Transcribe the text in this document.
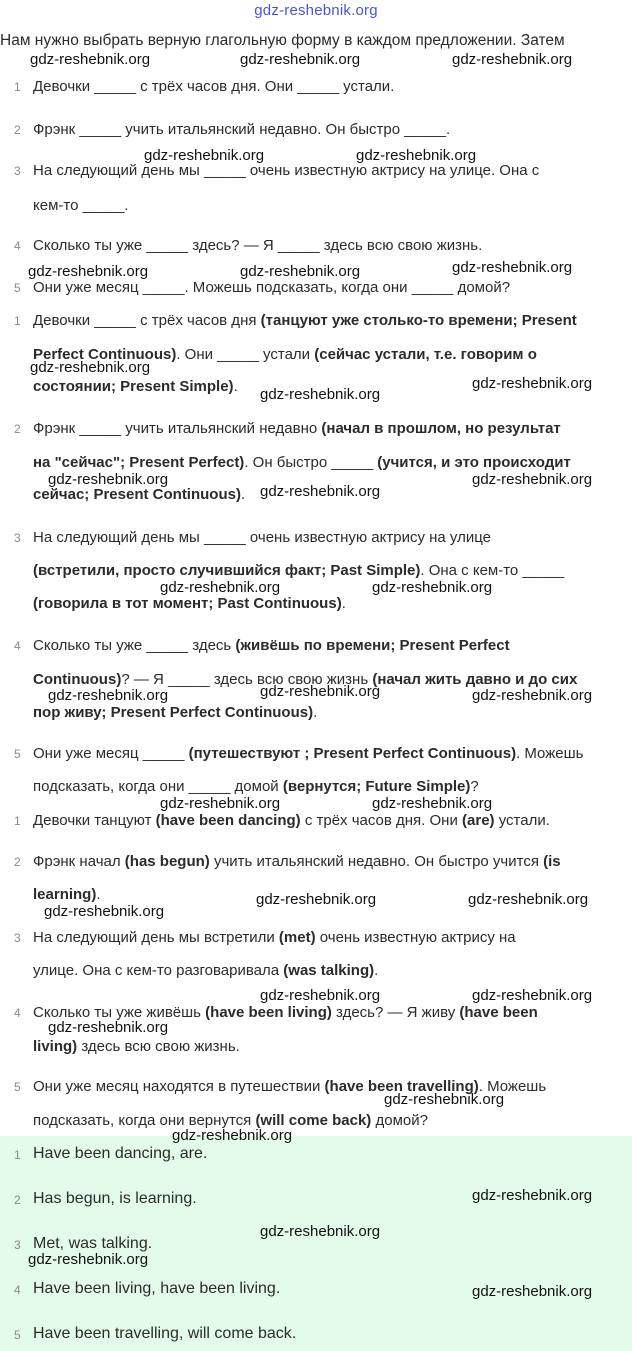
gdz-reshebnik.org
Нам нужно выбрать верную глагольную форму в каждом предложении. Затем
1 Девочки _____ с трёх часов дня. Они _____ устали.
2 Фрэнк _____ учить итальянский недавно. Он быстро _____.
3 На следующий день мы _____ очень известную актрису на улице. Она с
кем-то _____.
4 Сколько ты уже _____ здесь? — Я _____ здесь всю свою жизнь.
5 Они уже месяц _____. Можешь подсказать, когда они _____ домой?
1 Девочки _____ с трёх часов дня (танцуют уже столько-то времени; Present
Perfect Continuous). Они _____ устали (сейчас устали, т.е. говорим о
состоянии; Present Simple).
2 Фрэнк _____ учить итальянский недавно (начал в прошлом, но результат
на "сейчас"; Present Perfect). Он быстро _____ (учится, и это происходит
сейчас; Present Continuous).
3 На следующий день мы _____ очень известную актрису на улице
(встретили, просто случившийся факт; Past Simple). Она с кем-то _____
(говорила в тот момент; Past Continuous).
4 Сколько ты уже _____ здесь (живёшь по времени; Present Perfect
Continuous)? — Я _____ здесь всю свою жизнь (начал жить давно и до сих
пор живу; Present Perfect Continuous).
5 Они уже месяц _____ (путешествуют ; Present Perfect Continuous). Можешь
подсказать, когда они _____ домой (вернутся; Future Simple)?
1 Девочки танцуют (have been dancing) с трёх часов дня. Они (are) устали.
2 Фрэнк начал (has begun) учить итальянский недавно. Он быстро учится (is
learning).
3 На следующий день мы встретили (met) очень известную актрису на
улице. Она с кем-то разговаривала (was talking).
4 Сколько ты уже живёшь (have been living) здесь? — Я живу (have been
living) здесь всю свою жизнь.
5 Они уже месяц находятся в путешествии (have been travelling). Можешь
подсказать, когда они вернутся (will come back) домой?
1 Have been dancing, are.
2 Has begun, is learning.
3 Met, was talking.
4 Have been living, have been living.
5 Have been travelling, will come back.
gdz-reshebnik.org	gdz-reshebnik.org	gdz-reshebnik.org
gdz-reshebnik.org	gdz-reshebnik.org
gdz-reshebnik.org	gdz-reshebnik.org	gdz-reshebnik.org
gdz-reshebnik.org
gdz-reshebnik.org
gdz-reshebnik.org
gdz-reshebnik.org	gdz-reshebnik.org
gdz-reshebnik.org
gdz-reshebnik.org	gdz-reshebnik.org
gdz-reshebnik.org
gdz-reshebnik.org	gdz-reshebnik.org
gdz-reshebnik.org	gdz-reshebnik.org
gdz-reshebnik.org	gdz-reshebnik.org
gdz-reshebnik.org
gdz-reshebnik.org	gdz-reshebnik.org
gdz-reshebnik.org
gdz-reshebnik.org
gdz-reshebnik.org
gdz-reshebnik.org
gdz-reshebnik.org
gdz-reshebnik.org
gdz-reshebnik.org
